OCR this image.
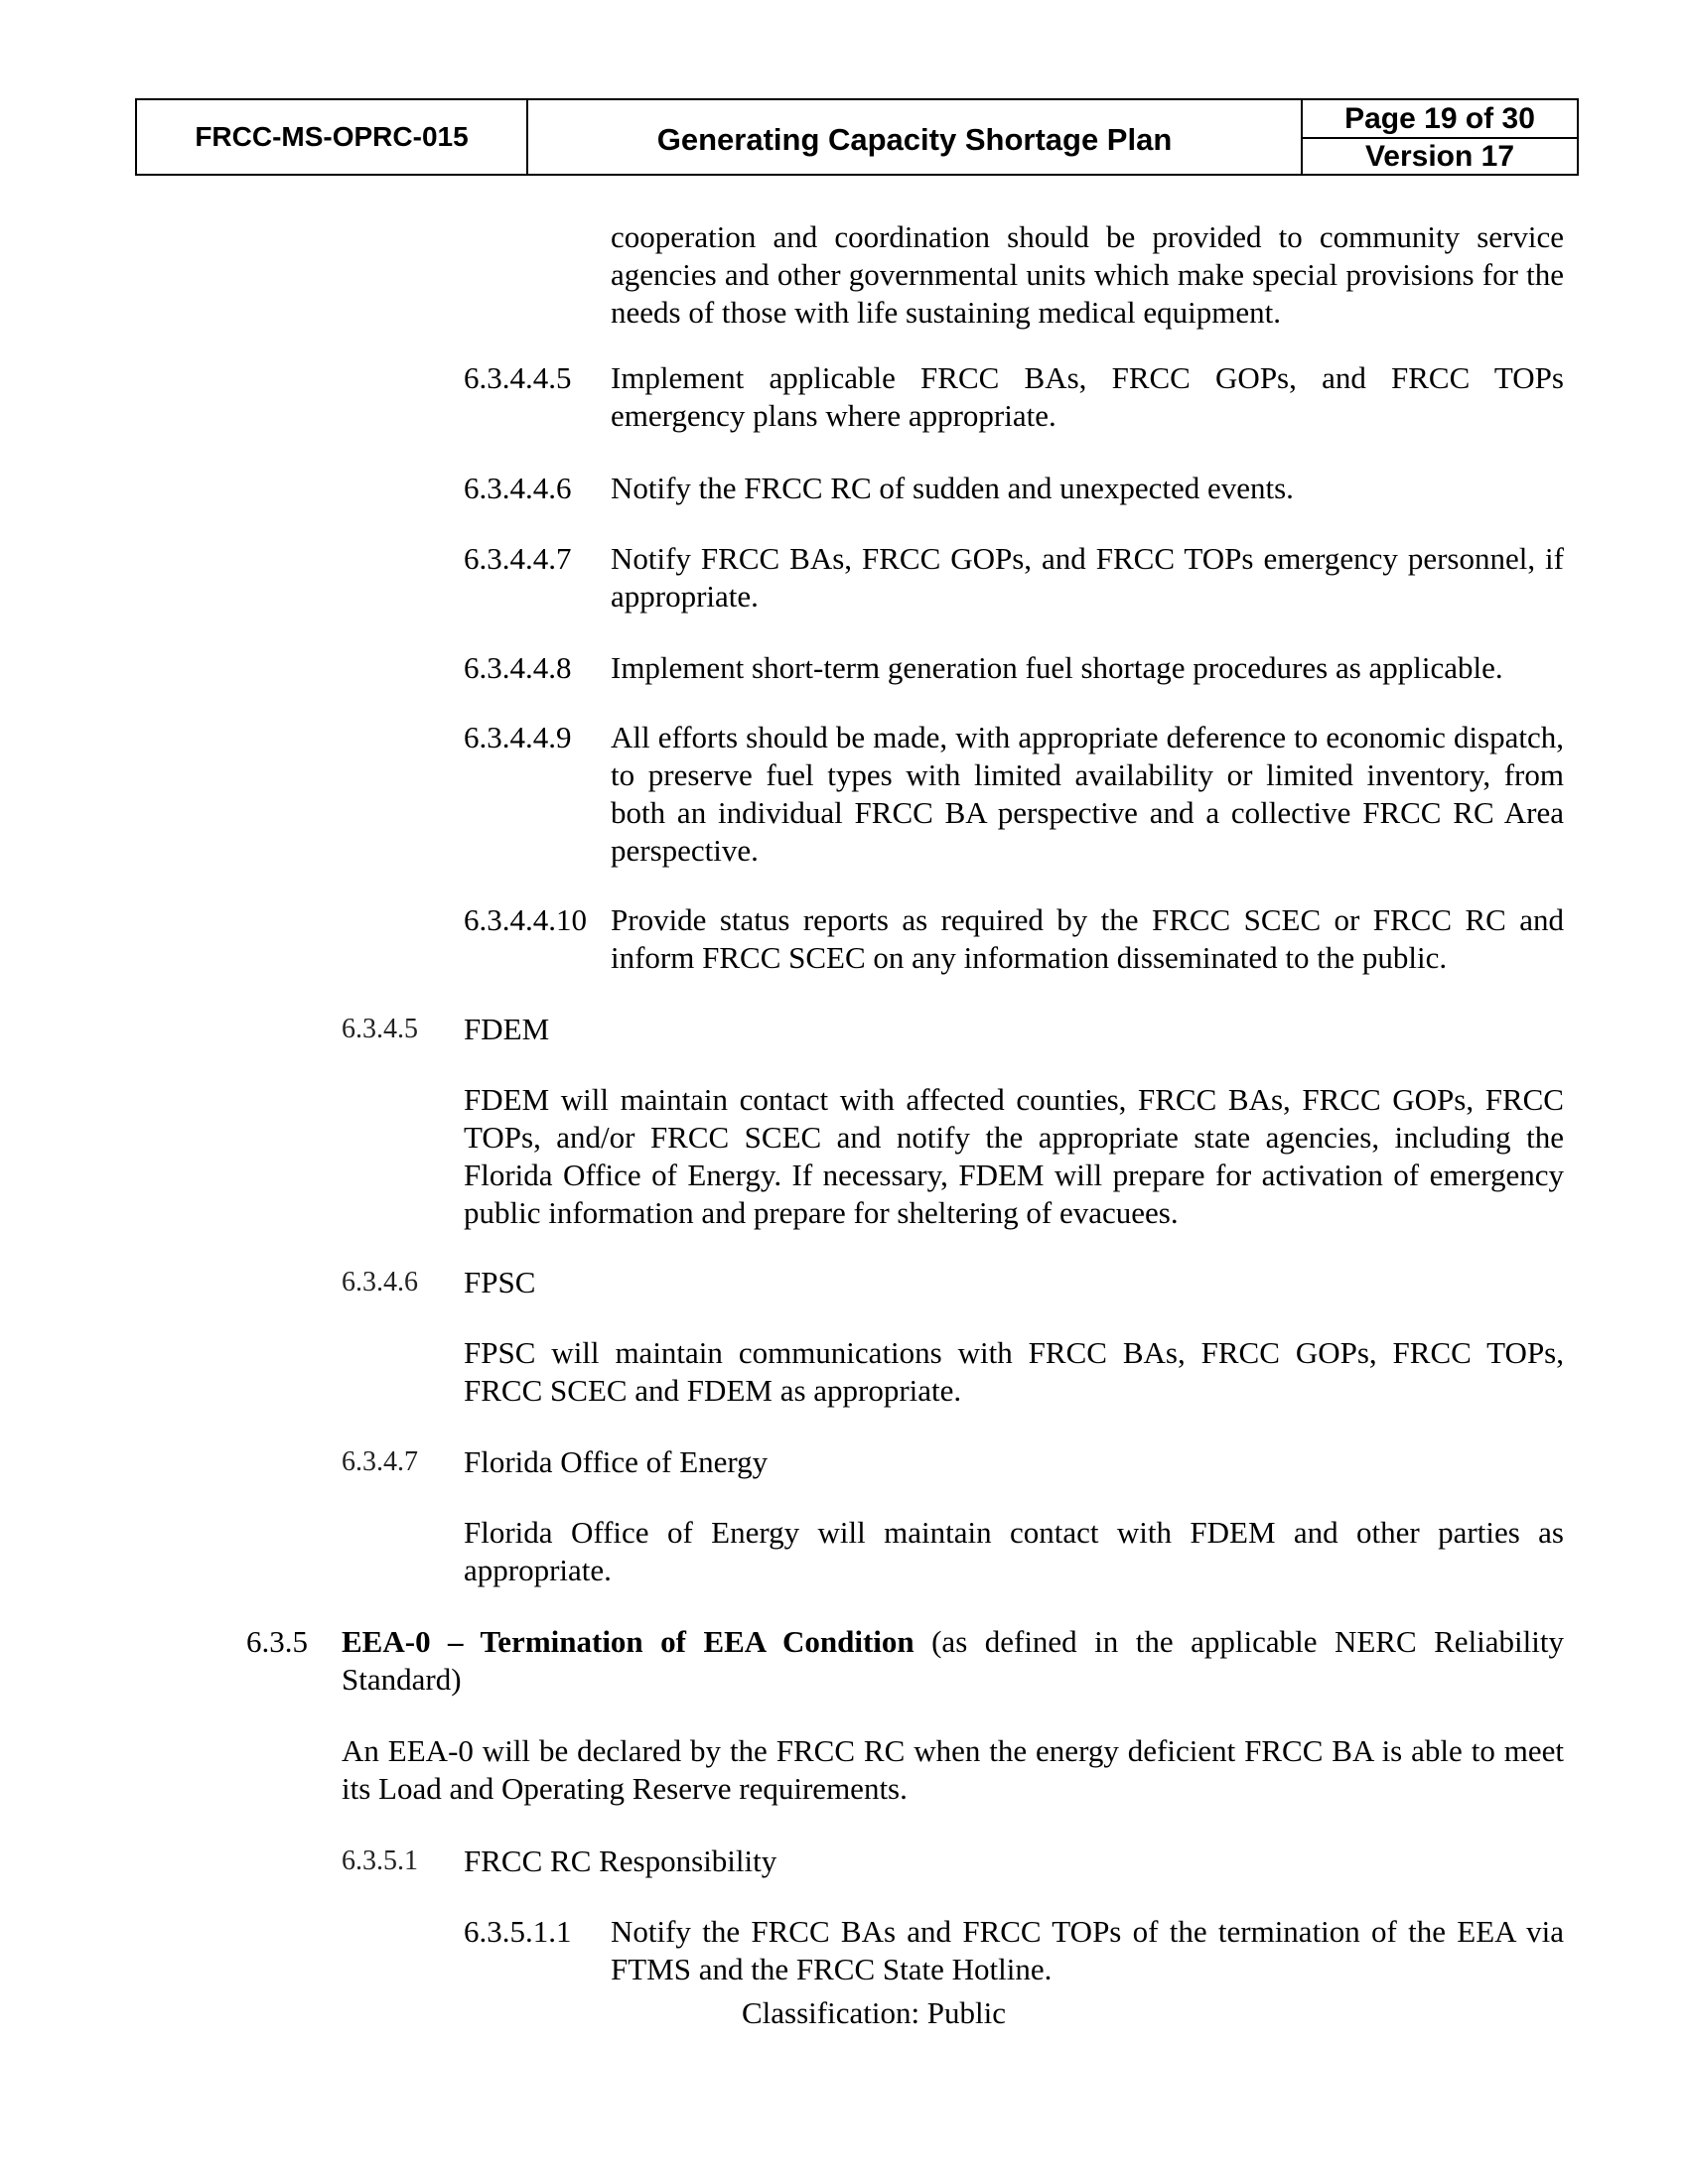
FRCC-MS-OPRC-015	Generating Capacity Shortage Plan
Page 19 of 30
Version 17

cooperation and coordination should be provided to community service agencies and other governmental units which make special provisions for the needs of those with life sustaining medical equipment.

6.3.4.4.5 Implement applicable FRCC BAs, FRCC GOPs, and FRCC TOPs emergency plans where appropriate.

6.3.4.4.6 Notify the FRCC RC of sudden and unexpected events.

6.3.4.4.7 Notify FRCC BAs, FRCC GOPs, and FRCC TOPs emergency personnel, if appropriate.

6.3.4.4.8 Implement short-term generation fuel shortage procedures as applicable.

6.3.4.4.9 All efforts should be made, with appropriate deference to economic dispatch, to preserve fuel types with limited availability or limited inventory, from both an individual FRCC BA perspective and a collective FRCC RC Area perspective.

6.3.4.4.10 Provide status reports as required by the FRCC SCEC or FRCC RC and inform FRCC SCEC on any information disseminated to the public.

6.3.4.5 FDEM

FDEM will maintain contact with affected counties, FRCC BAs, FRCC GOPs, FRCC TOPs, and/or FRCC SCEC and notify the appropriate state agencies, including the Florida Office of Energy. If necessary, FDEM will prepare for activation of emergency public information and prepare for sheltering of evacuees.

6.3.4.6 FPSC

FPSC will maintain communications with FRCC BAs, FRCC GOPs, FRCC TOPs, FRCC SCEC and FDEM as appropriate.

6.3.4.7 Florida Office of Energy

Florida Office of Energy will maintain contact with FDEM and other parties as appropriate.

6.3.5 EEA-0 – Termination of EEA Condition (as defined in the applicable NERC Reliability Standard)

An EEA-0 will be declared by the FRCC RC when the energy deficient FRCC BA is able to meet its Load and Operating Reserve requirements.

6.3.5.1 FRCC RC Responsibility

6.3.5.1.1 Notify the FRCC BAs and FRCC TOPs of the termination of the EEA via FTMS and the FRCC State Hotline.

Classification: Public
